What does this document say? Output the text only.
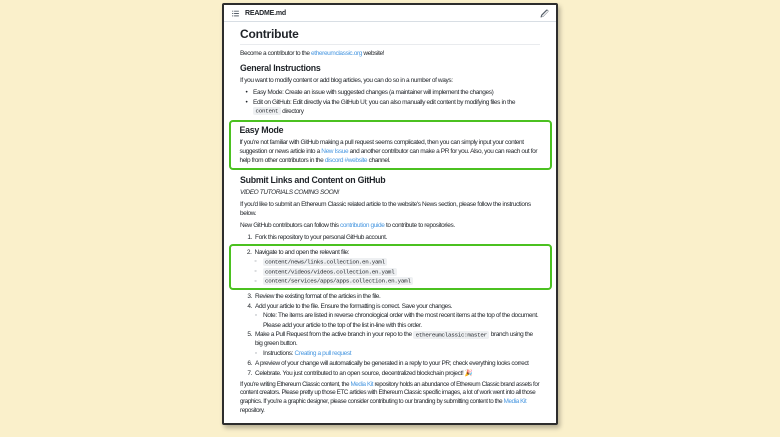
README.md
Contribute

Become a contributor to the ethereumclassic.org website!

General Instructions

If you want to modify content or add blog articles, you can do so in a number of ways:

•
Easy Mode: Create an issue with suggested changes (a maintainer will implement the changes)
•
Edit on GitHub: Edit directly via the GitHub UI; you can also manually edit content by modifying files in the content directory
Easy Mode

If you're not familiar with GitHub making a pull request seems complicated, then you can simply input your content suggestion or news article into a New Issue and another contributor can make a PR for you. Also, you can reach out for help from other contributors in the discord #website channel.

Submit Links and Content on GitHub

VIDEO TUTORIALS COMING SOON!

If you'd like to submit an Ethereum Classic related article to the website's News section, please follow the instructions below.

New GitHub contributors can follow this contribution guide to contribute to repositories.

1. Fork this repository to your personal GitHub account.
2. Navigate to and open the relevant file:
◦
content/news/links.collection.en.yaml
◦
content/videos/videos.collection.en.yaml
◦
content/services/apps/apps.collection.en.yaml
3. Review the existing format of the articles in the file.
4. Add your article to the file. Ensure the formatting is correct. Save your changes.
◦
Note: The items are listed in reverse chronological order with the most recent items at the top of the document. Please add your article to the top of the list in-line with this order.
5. Make a Pull Request from the active branch in your repo to the ethereumclassic:master branch using the big green button.
◦
Instructions: Creating a pull request
6. A preview of your change will automatically be generated in a reply to your PR; check everything looks correct
7. Celebrate. You just contributed to an open source, decentralized blockchain project! 🎉

If you're writing Ethereum Classic content, the Media Kit repository holds an abundance of Ethereum Classic brand assets for content creators. Please pretty up those ETC articles with Ethereum Classic specific images, a lot of work went into all those graphics. If you're a graphic designer, please consider contributing to our branding by submitting content to the Media Kit repository.
